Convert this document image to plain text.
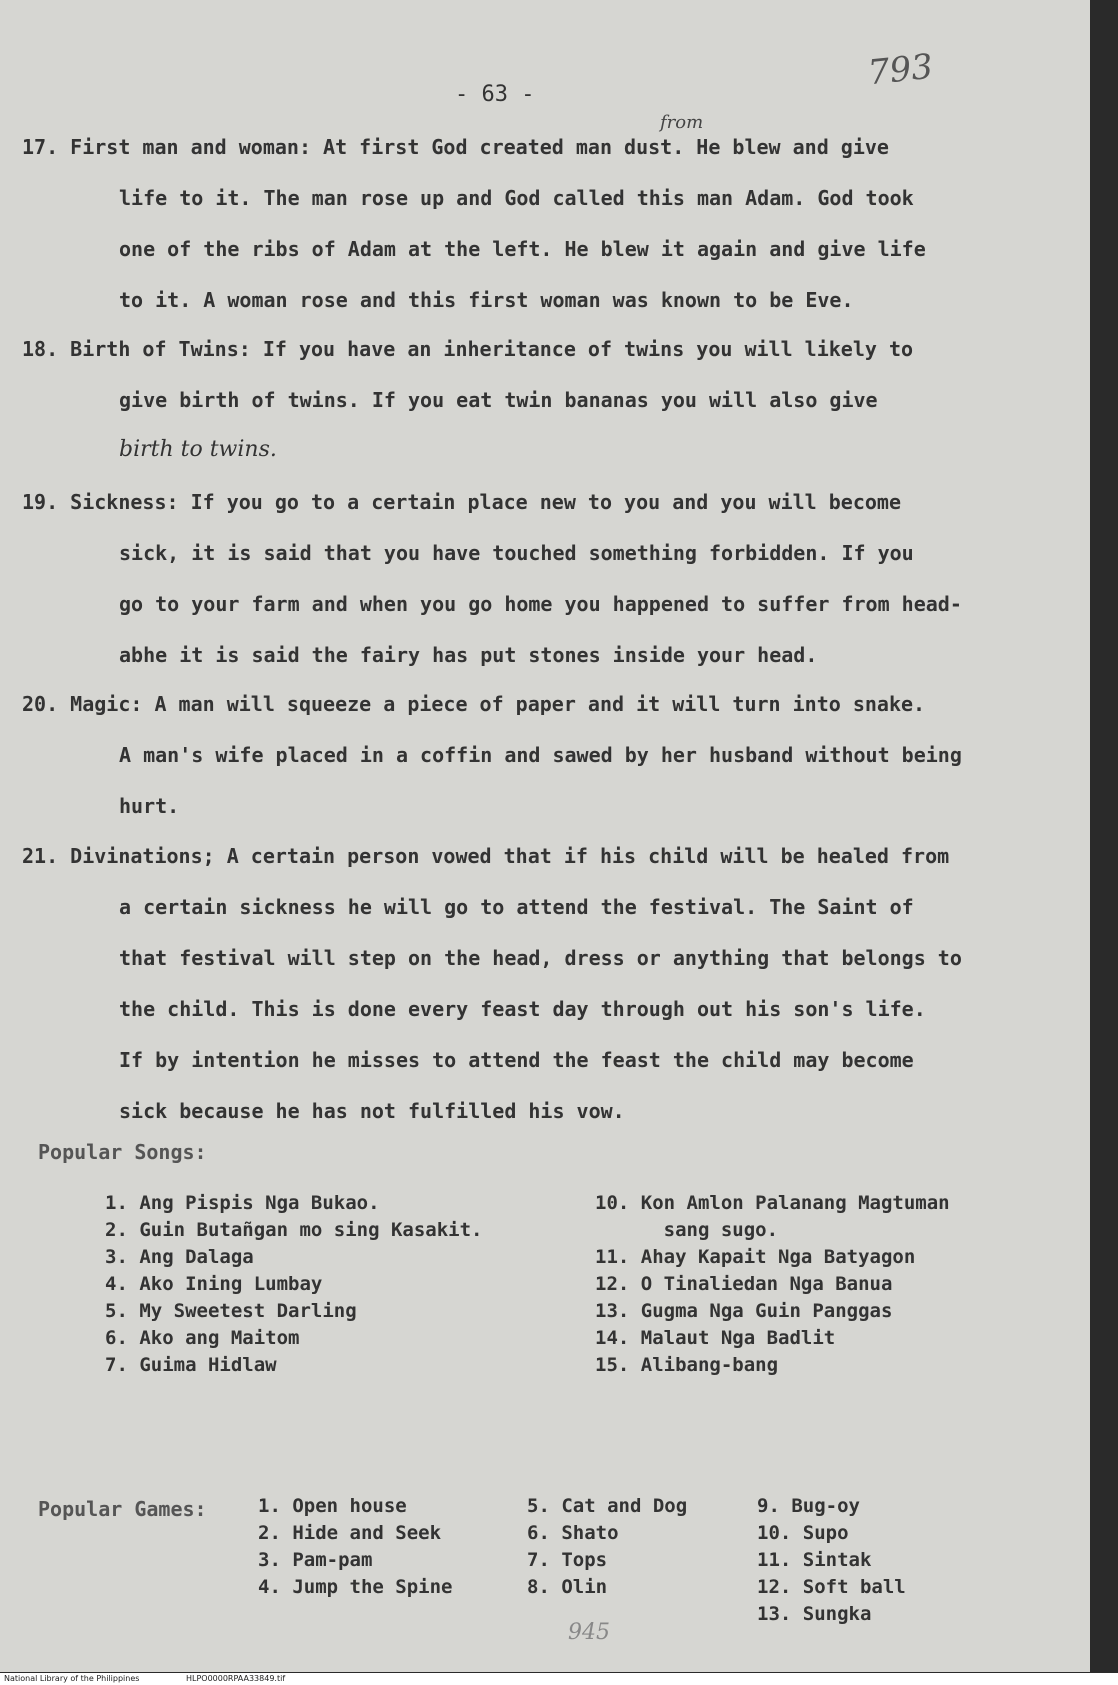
- 63 -
793
17. First man and woman: At first God created man dust. He blew and give
life to it. The man rose up and God called this man Adam. God took
one of the ribs of Adam at the left. He blew it again and give life
to it. A woman rose and this first woman was known to be Eve.
from
18. Birth of Twins: If you have an inheritance of twins you will likely to
give birth of twins. If you eat twin bananas you will also give
birth to twins.
19. Sickness: If you go to a certain place new to you and you will become
sick, it is said that you have touched something forbidden. If you
go to your farm and when you go home you happened to suffer from head-
abhe it is said the fairy has put stones inside your head.
20. Magic: A man will squeeze a piece of paper and it will turn into snake.
A man's wife placed in a coffin and sawed by her husband without being
hurt.
21. Divinations; A certain person vowed that if his child will be healed from
a certain sickness he will go to attend the festival. The Saint of
that festival will step on the head, dress or anything that belongs to
the child. This is done every feast day through out his son's life.
If by intention he misses to attend the feast the child may become
sick because he has not fulfilled his vow.
Popular Songs:
1. Ang Pispis Nga Bukao.
2. Guin Butañgan mo sing Kasakit.
3. Ang Dalaga
4. Ako Ining Lumbay
5. My Sweetest Darling
6. Ako ang Maitom
7. Guima Hidlaw
10. Kon Amlon Palanang Magtuman
sang sugo.
11. Ahay Kapait Nga Batyagon
12. O Tinaliedan Nga Banua
13. Gugma Nga Guin Panggas
14. Malaut Nga Badlit
15. Alibang-bang
Popular Games:	1. Open house
2. Hide and Seek
3. Pam-pam
4. Jump the Spine
5. Cat and Dog
6. Shato
7. Tops
8. Olin
9. Bug-oy
10. Supo
11. Sintak
12. Soft ball
13. Sungka
945
National Library of the Philippines	HLPO0000RPAA33849.tif
